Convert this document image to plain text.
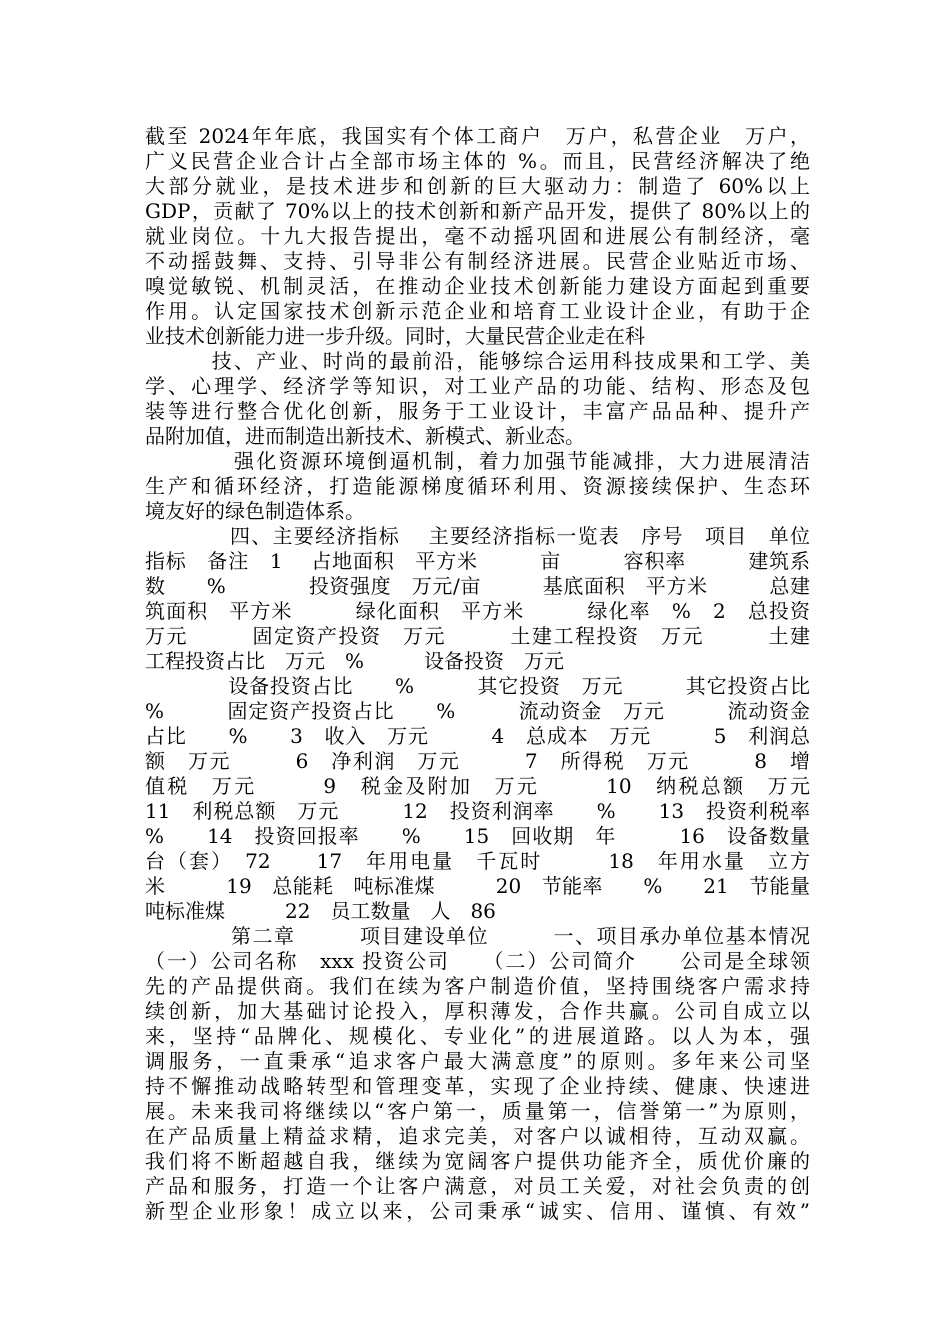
截至 2024年年底，我国实有个体工商户　万户，私营企业　万户，
广义民营企业合计占全部市场主体的 %。而且，民营经济解决了绝
大部分就业，是技术进步和创新的巨大驱动力：制造了 60%以上
GDP，贡献了 70%以上的技术创新和新产品开发，提供了 80%以上的
就业岗位。十九大报告提出，毫不动摇巩固和进展公有制经济，毫
不动摇鼓舞、支持、引导非公有制经济进展。民营企业贴近市场、
嗅觉敏锐、机制灵活，在推动企业技术创新能力建设方面起到重要
作用。认定国家技术创新示范企业和培育工业设计企业，有助于企
业技术创新能力进一步升级。同时，大量民营企业走在科
　　　技、产业、时尚的最前沿，能够综合运用科技成果和工学、美
学、心理学、经济学等知识，对工业产品的功能、结构、形态及包
装等进行整合优化创新，服务于工业设计，丰富产品品种、提升产
品附加值，进而制造出新技术、新模式、新业态。
　　　　强化资源环境倒逼机制，着力加强节能减排，大力进展清洁
生产和循环经济，打造能源梯度循环利用、资源接续保护、生态环
境友好的绿色制造体系。
　　　　四、主要经济指标　 主要经济指标一览表　序号　项目　单位
指标　备注　1　 占地面积　平方米　　　亩　　　容积率　　　建筑系
数　　%　　　　投资强度　万元/亩　　　基底面积　平方米　　　总建
筑面积　平方米　　　绿化面积　平方米　　　绿化率　%　2　总投资
万元　　　固定资产投资　万元　　　土建工程投资　万元　　　土建
工程投资占比　万元　%　　　设备投资　万元
　　　　设备投资占比　　%　　　其它投资　万元　　　其它投资占比
%　　　固定资产投资占比　　%　　　流动资金　万元　　　流动资金
占比　　%　　3　收入　万元　　　4　总成本　万元　　　5　利润总
额　万元　　　6　净利润　万元　　　7　所得税　万元　　　8　增
值税　万元　　　9　税金及附加　万元　　　10　纳税总额　万元
11　利税总额　万元　　　12　投资利润率　　%　　13　投资利税率
%　　14　投资回报率　　%　　15　回收期　年　　　16　设备数量
台（套）　72　　17　年用电量　千瓦时　　　18　年用水量　立方
米　　　19　总能耗　吨标准煤　　　20　节能率　　%　　21　节能量
吨标准煤　　　22　员工数量　人　86
　　　　第二章　　　项目建设单位　　　一、项目承办单位基本情况
（一）公司名称　xxx 投资公司　　（二）公司简介　　公司是全球领
先的产品提供商。我们在续为客户制造价值，坚持围绕客户需求持
续创新，加大基础讨论投入，厚积薄发，合作共赢。公司自成立以
来，坚持“品牌化、规模化、专业化”的进展道路。以人为本，强
调服务，一直秉承“追求客户最大满意度”的原则。多年来公司坚
持不懈推动战略转型和管理变革，实现了企业持续、健康、快速进
展。未来我司将继续以“客户第一，质量第一，信誉第一”为原则，
在产品质量上精益求精，追求完美，对客户以诚相待，互动双赢。
我们将不断超越自我，继续为宽阔客户提供功能齐全，质优价廉的
产品和服务，打造一个让客户满意，对员工关爱，对社会负责的创
新型企业形象！成立以来，公司秉承“诚实、信用、谨慎、有效”
